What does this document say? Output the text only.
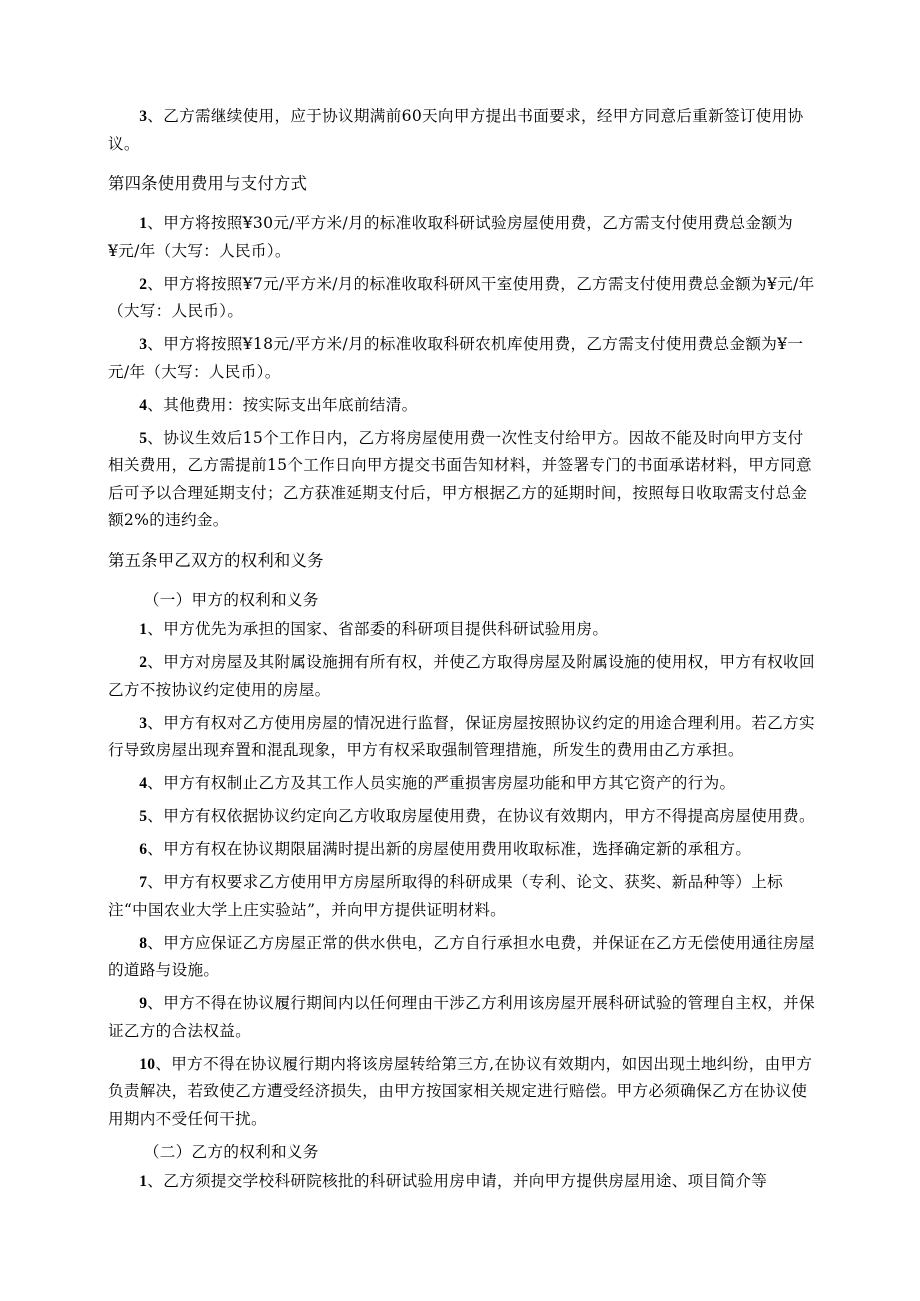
3、乙方需继续使用，应于协议期满前60天向甲方提出书面要求，经甲方同意后重新签订使用协议。

第四条使用费用与支付方式

1、甲方将按照¥30元/平方米/月的标准收取科研试验房屋使用费，乙方需支付使用费总金额为¥元/年（大写：人民币）。

2、甲方将按照¥7元/平方米/月的标准收取科研风干室使用费，乙方需支付使用费总金额为¥元/年（大写：人民币）。

3、甲方将按照¥18元/平方米/月的标准收取科研农机库使用费，乙方需支付使用费总金额为¥一元/年（大写：人民币）。

4、其他费用：按实际支出年底前结清。

5、协议生效后15个工作日内，乙方将房屋使用费一次性支付给甲方。因故不能及时向甲方支付相关费用，乙方需提前15个工作日向甲方提交书面告知材料，并签署专门的书面承诺材料，甲方同意后可予以合理延期支付；乙方获准延期支付后，甲方根据乙方的延期时间，按照每日收取需支付总金额2%的违约金。

第五条甲乙双方的权利和义务

（一）甲方的权利和义务

1、甲方优先为承担的国家、省部委的科研项目提供科研试验用房。

2、甲方对房屋及其附属设施拥有所有权，并使乙方取得房屋及附属设施的使用权，甲方有权收回乙方不按协议约定使用的房屋。

3、甲方有权对乙方使用房屋的情况进行监督，保证房屋按照协议约定的用途合理利用。若乙方实行导致房屋出现弃置和混乱现象，甲方有权采取强制管理措施，所发生的费用由乙方承担。

4、甲方有权制止乙方及其工作人员实施的严重损害房屋功能和甲方其它资产的行为。

5、甲方有权依据协议约定向乙方收取房屋使用费，在协议有效期内，甲方不得提高房屋使用费。

6、甲方有权在协议期限届满时提出新的房屋使用费用收取标准，选择确定新的承租方。

7、甲方有权要求乙方使用甲方房屋所取得的科研成果（专利、论文、获奖、新品种等）上标注“中国农业大学上庄实验站”，并向甲方提供证明材料。

8、甲方应保证乙方房屋正常的供水供电，乙方自行承担水电费，并保证在乙方无偿使用通往房屋的道路与设施。

9、甲方不得在协议履行期间内以任何理由干涉乙方利用该房屋开展科研试验的管理自主权，并保证乙方的合法权益。

10、甲方不得在协议履行期内将该房屋转给第三方,在协议有效期内，如因出现土地纠纷，由甲方负责解决，若致使乙方遭受经济损失，由甲方按国家相关规定进行赔偿。甲方必须确保乙方在协议使用期内不受任何干扰。

（二）乙方的权利和义务

1、乙方须提交学校科研院核批的科研试验用房申请，并向甲方提供房屋用途、项目简介等
